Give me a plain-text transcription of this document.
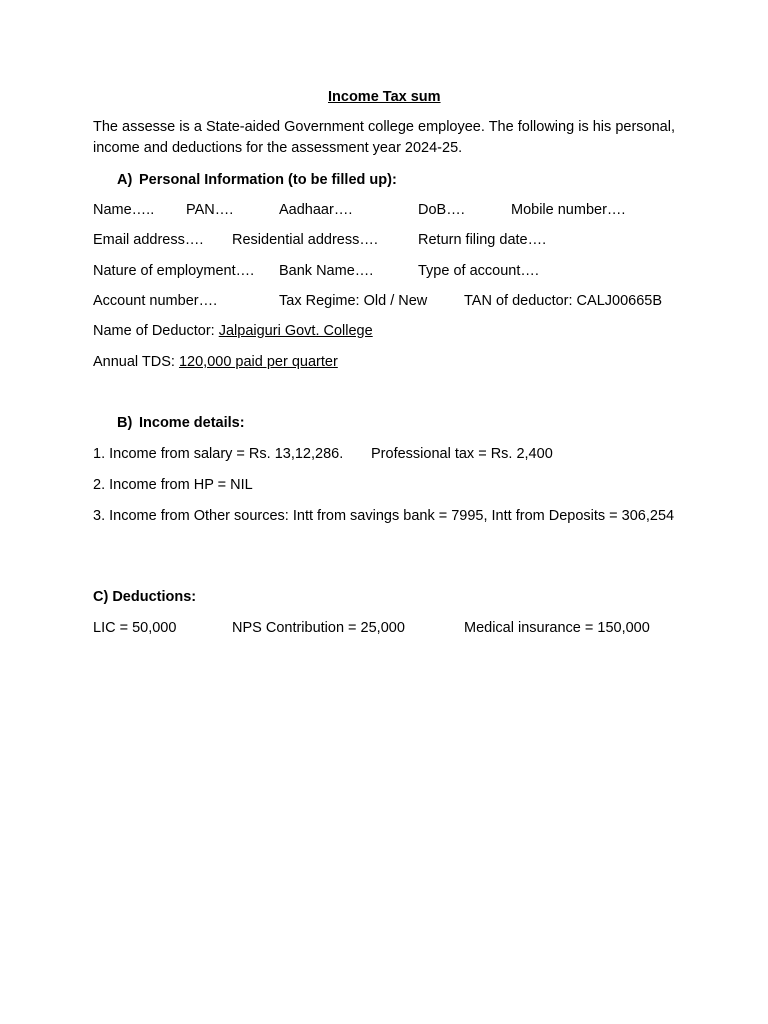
Income Tax sum
The assesse is a State-aided Government college employee. The following is his personal, income and deductions for the assessment year 2024-25.
A) Personal Information (to be filled up):
Name….. PAN….	Aadhaar….	DoB….	Mobile number….
Email address…. Residential address….	Return filing date….
Nature of employment…. Bank Name….	Type of account….
Account number….	Tax Regime: Old / New	TAN of deductor: CALJ00665B
Name of Deductor: Jalpaiguri Govt. College
Annual TDS: 120,000 paid per quarter
B) Income details:
1. Income from salary = Rs. 13,12,286. Professional tax = Rs. 2,400
2. Income from HP = NIL
3. Income from Other sources: Intt from savings bank = 7995, Intt from Deposits = 306,254
C) Deductions:
LIC = 50,000	NPS Contribution = 25,000	Medical insurance = 150,000
